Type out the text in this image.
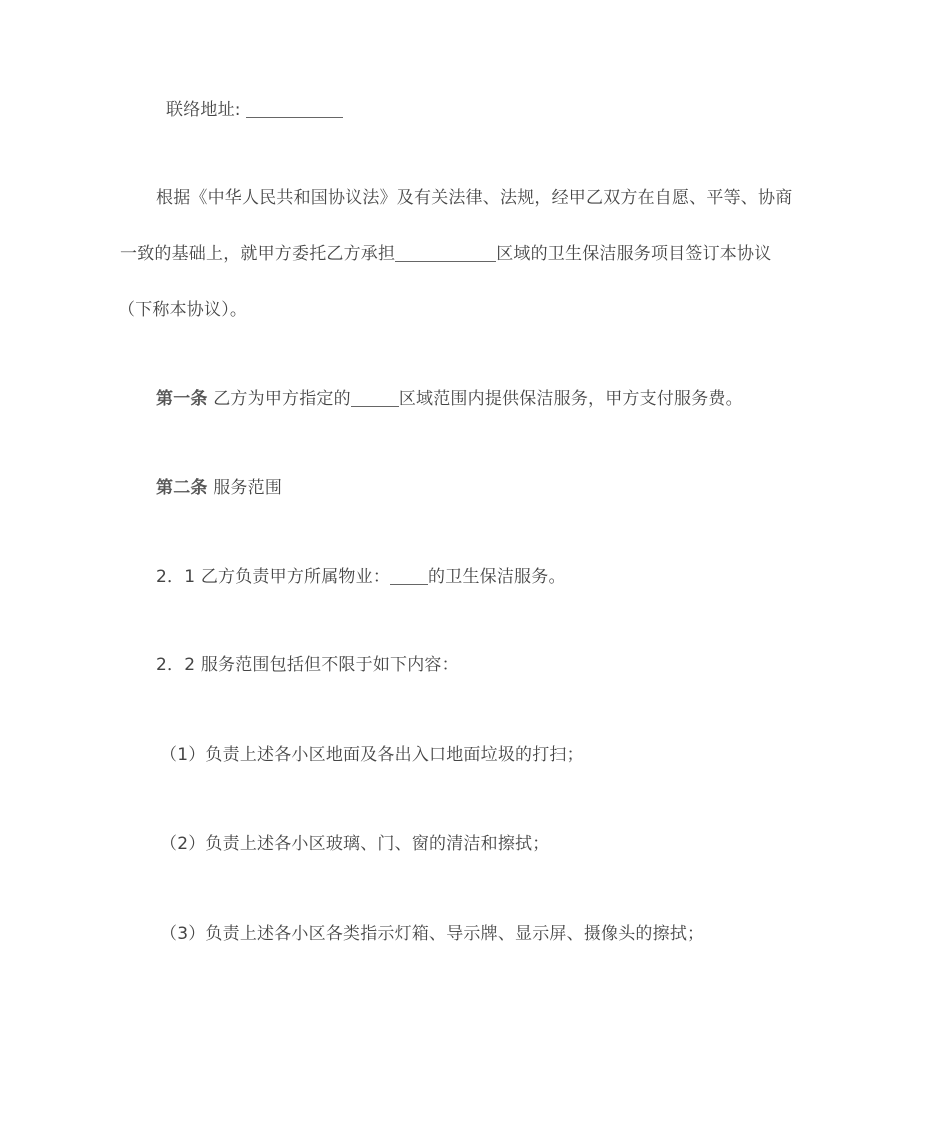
联络地址:
根据《中华人民共和国协议法》及有关法律、法规，经甲乙双方在自愿、平等、协商
一致的基础上，就甲方委托乙方承担	区域的卫生保洁服务项目签订本协议
（下称本协议）。
第一条 乙方为甲方指定的	区域范围内提供保洁服务，甲方支付服务费。
第二条 服务范围
2．1 乙方负责甲方所属物业： 的卫生保洁服务。
2．2 服务范围包括但不限于如下内容：
（1）负责上述各小区地面及各出入口地面垃圾的打扫；
（2）负责上述各小区玻璃、门、窗的清洁和擦拭；
（3）负责上述各小区各类指示灯箱、导示牌、显示屏、摄像头的擦拭；
